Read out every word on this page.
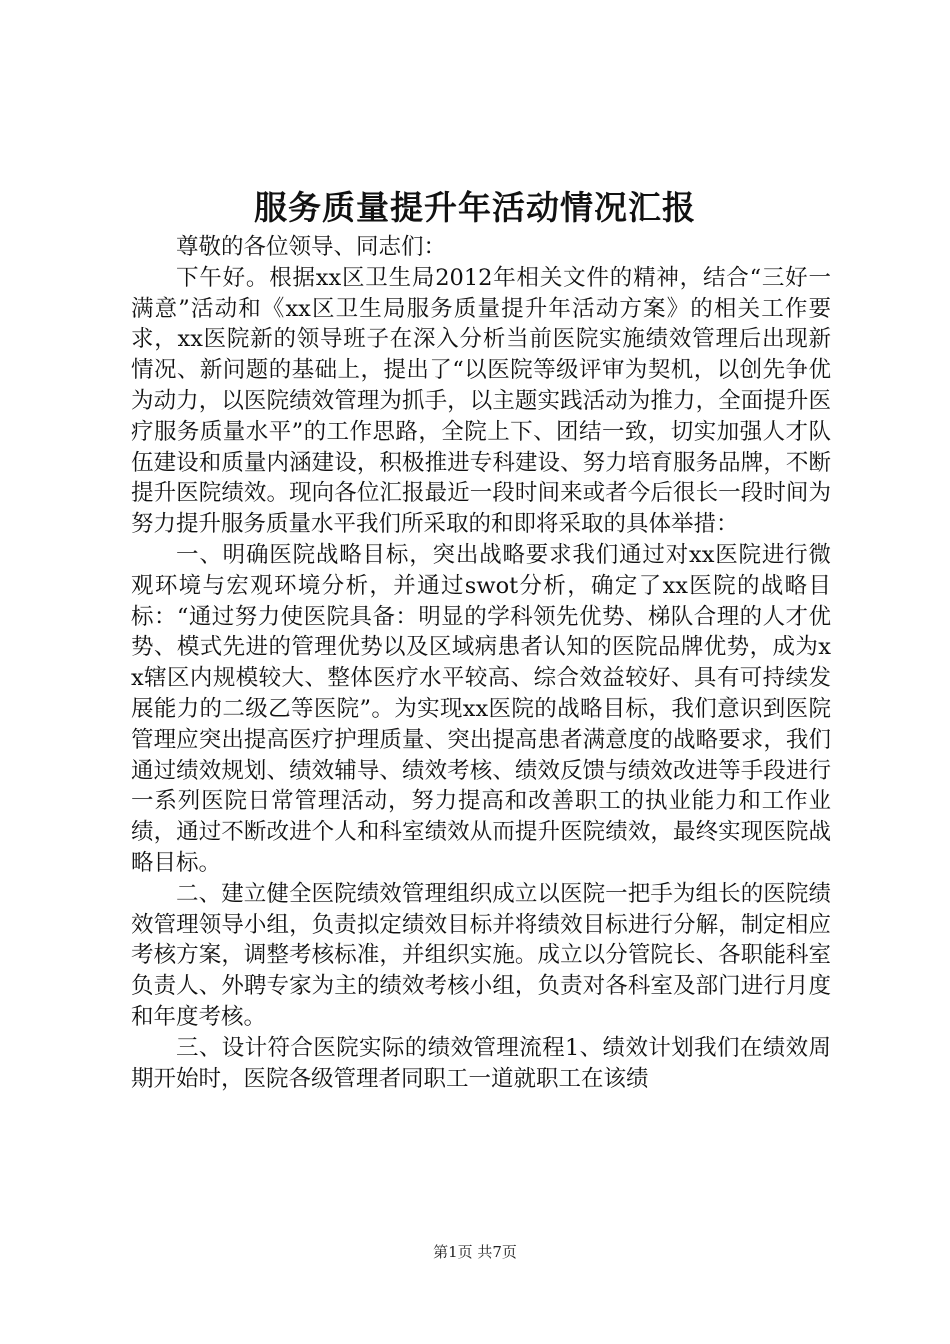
服务质量提升年活动情况汇报

尊敬的各位领导、同志们：

下午好。根据xx区卫生局2012年相关文件的精神，结合“三好一满意”活动和《xx区卫生局服务质量提升年活动方案》的相关工作要求，xx医院新的领导班子在深入分析当前医院实施绩效管理后出现新情况、新问题的基础上，提出了“以医院等级评审为契机，以创先争优为动力，以医院绩效管理为抓手，以主题实践活动为推力，全面提升医疗服务质量水平”的工作思路，全院上下、团结一致，切实加强人才队伍建设和质量内涵建设，积极推进专科建设、努力培育服务品牌，不断提升医院绩效。现向各位汇报最近一段时间来或者今后很长一段时间为努力提升服务质量水平我们所采取的和即将采取的具体举措：

一、明确医院战略目标，突出战略要求我们通过对xx医院进行微观环境与宏观环境分析，并通过swot分析，确定了xx医院的战略目标：“通过努力使医院具备：明显的学科领先优势、梯队合理的人才优势、模式先进的管理优势以及区域病患者认知的医院品牌优势，成为xx辖区内规模较大、整体医疗水平较高、综合效益较好、具有可持续发展能力的二级乙等医院”。为实现xx医院的战略目标，我们意识到医院管理应突出提高医疗护理质量、突出提高患者满意度的战略要求，我们通过绩效规划、绩效辅导、绩效考核、绩效反馈与绩效改进等手段进行一系列医院日常管理活动，努力提高和改善职工的执业能力和工作业绩，通过不断改进个人和科室绩效从而提升医院绩效，最终实现医院战略目标。

二、建立健全医院绩效管理组织成立以医院一把手为组长的医院绩效管理领导小组，负责拟定绩效目标并将绩效目标进行分解，制定相应考核方案，调整考核标准，并组织实施。成立以分管院长、各职能科室负责人、外聘专家为主的绩效考核小组，负责对各科室及部门进行月度和年度考核。

三、设计符合医院实际的绩效管理流程1、绩效计划我们在绩效周期开始时，医院各级管理者同职工一道就职工在该绩

第1页 共7页
